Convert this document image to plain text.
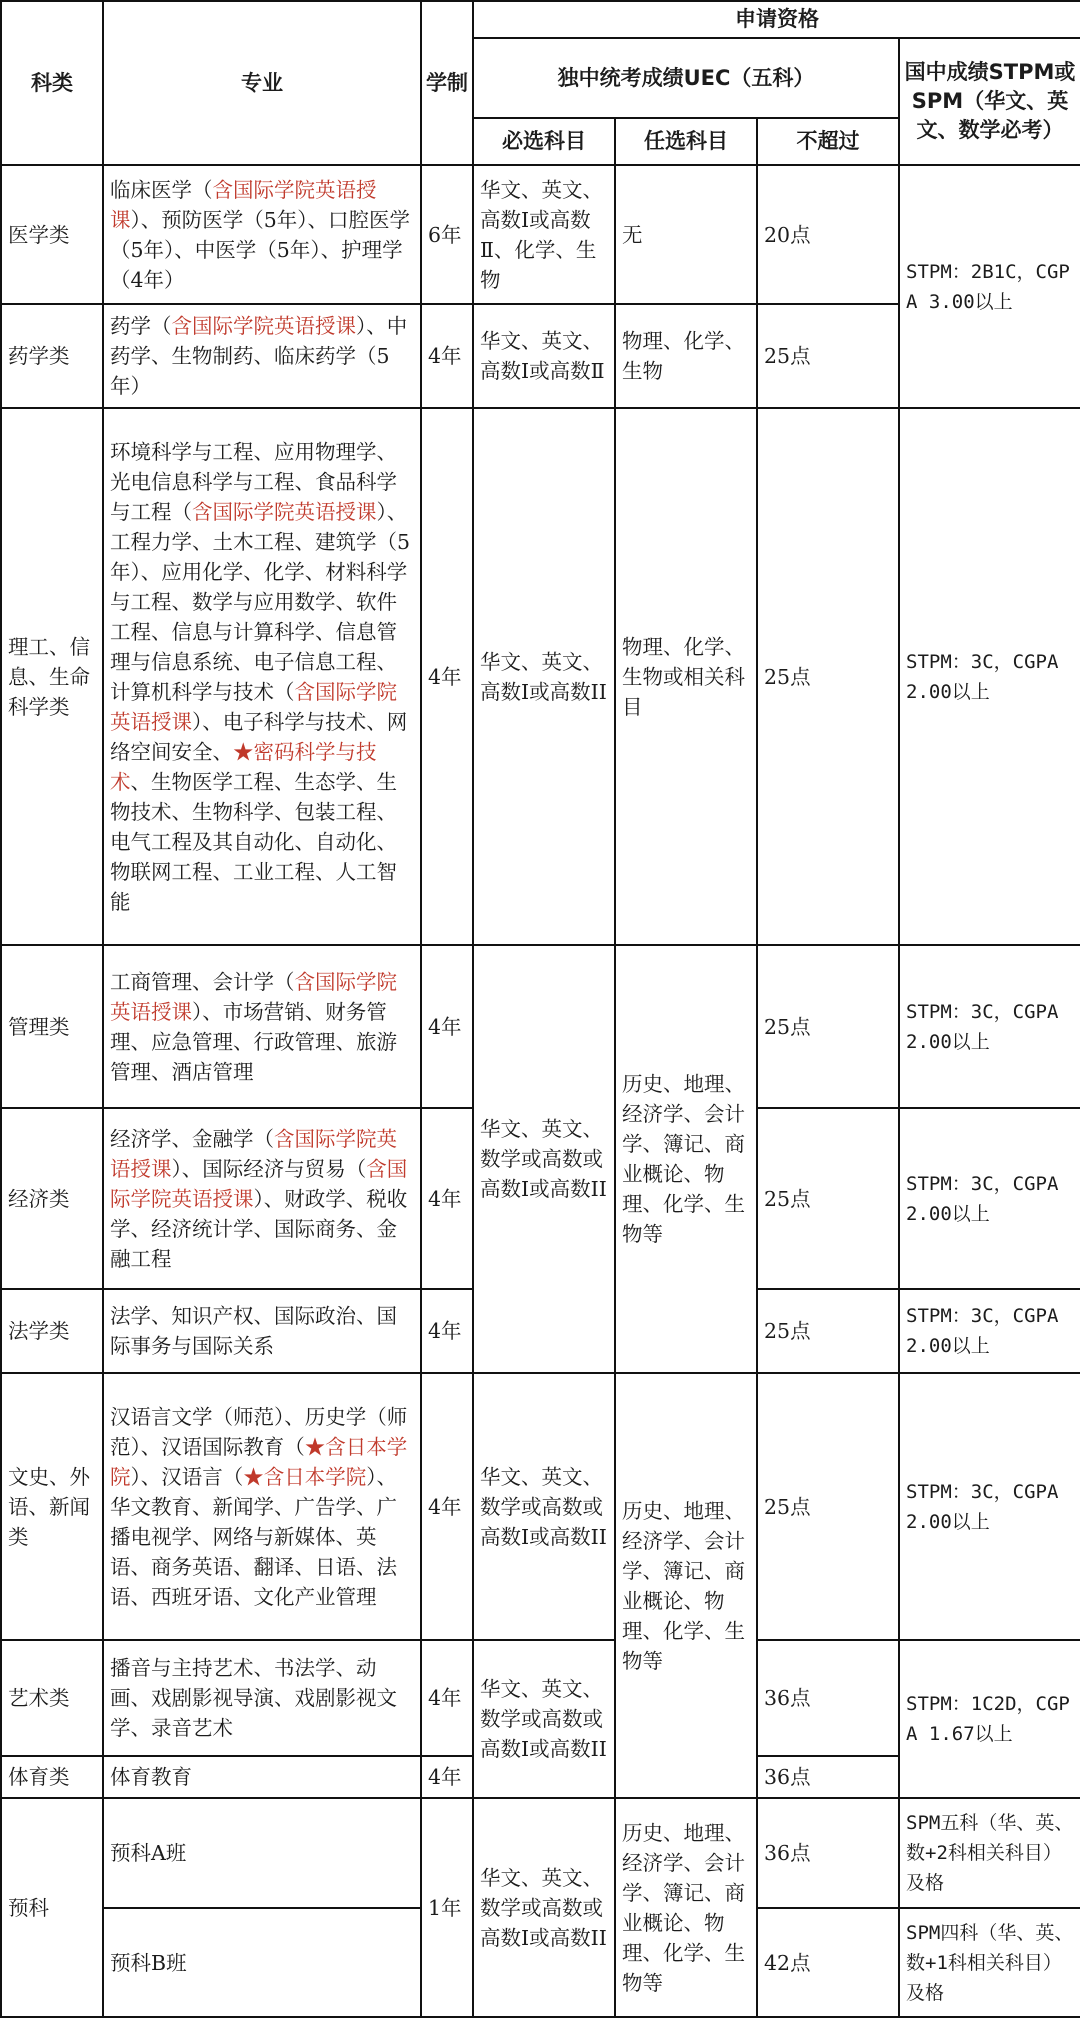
科类	专业	学制	申请资格			
			独中统考成绩UEC（五科）			国中成绩STPM或SPM（华文、英文、数学必考）
			必选科目	任选科目	不超过	
医学类	临床医学（含国际学院英语授课）、预防医学（5年）、口腔医学（5年）、中医学（5年）、护理学（4年）	6年	华文、英文、高数I或高数Ⅱ、化学、生物	无	20点	STPM：2B1C，CGPA 3.00以上
药学类	药学（含国际学院英语授课）、中药学、生物制药、临床药学（5年）	4年	华文、英文、高数I或高数Ⅱ	物理、化学、生物	25点	
理工、信息、生命科学类	环境科学与工程、应用物理学、光电信息科学与工程、食品科学与工程（含国际学院英语授课）、工程力学、土木工程、建筑学（5年）、应用化学、化学、材料科学与工程、数学与应用数学、软件工程、信息与计算科学、信息管理与信息系统、电子信息工程、计算机科学与技术（含国际学院英语授课）、电子科学与技术、网络空间安全、★密码科学与技术、生物医学工程、生态学、生物技术、生物科学、包装工程、电气工程及其自动化、自动化、物联网工程、工业工程、人工智能	4年	华文、英文、高数Ⅰ或高数II	物理、化学、生物或相关科目	25点	STPM：3C，CGPA 2.00以上
管理类	工商管理、会计学（含国际学院英语授课）、市场营销、财务管理、应急管理、行政管理、旅游管理、酒店管理	4年	华文、英文、数学或高数或高数I或高数II	历史、地理、经济学、会计学、簿记、商业概论、物理、化学、生物等	25点	STPM：3C，CGPA 2.00以上
经济类	经济学、金融学（含国际学院英语授课）、国际经济与贸易（含国际学院英语授课）、财政学、税收学、经济统计学、国际商务、金融工程	4年			25点	STPM：3C，CGPA 2.00以上
法学类	法学、知识产权、国际政治、国际事务与国际关系	4年			25点	STPM：3C，CGPA 2.00以上
文史、外语、新闻类	汉语言文学（师范）、历史学（师范）、汉语国际教育（★含日本学院）、汉语言（★含日本学院）、华文教育、新闻学、广告学、广播电视学、网络与新媒体、英语、商务英语、翻译、日语、法语、西班牙语、文化产业管理	4年	华文、英文、数学或高数或高数I或高数II	历史、地理、经济学、会计学、簿记、商业概论、物理、化学、生物等	25点	STPM：3C，CGPA 2.00以上
艺术类	播音与主持艺术、书法学、动画、戏剧影视导演、戏剧影视文学、录音艺术	4年	华文、英文、数学或高数或高数I或高数II		36点	STPM：1C2D，CGPA 1.67以上
体育类	体育教育	4年			36点	
预科	预科A班	1年	华文、英文、数学或高数或高数I或高数II	历史、地理、经济学、会计学、簿记、商业概论、物理、化学、生物等	36点	SPM五科（华、英、数+2科相关科目）及格
	预科B班				42点	SPM四科（华、英、数+1科相关科目）及格
